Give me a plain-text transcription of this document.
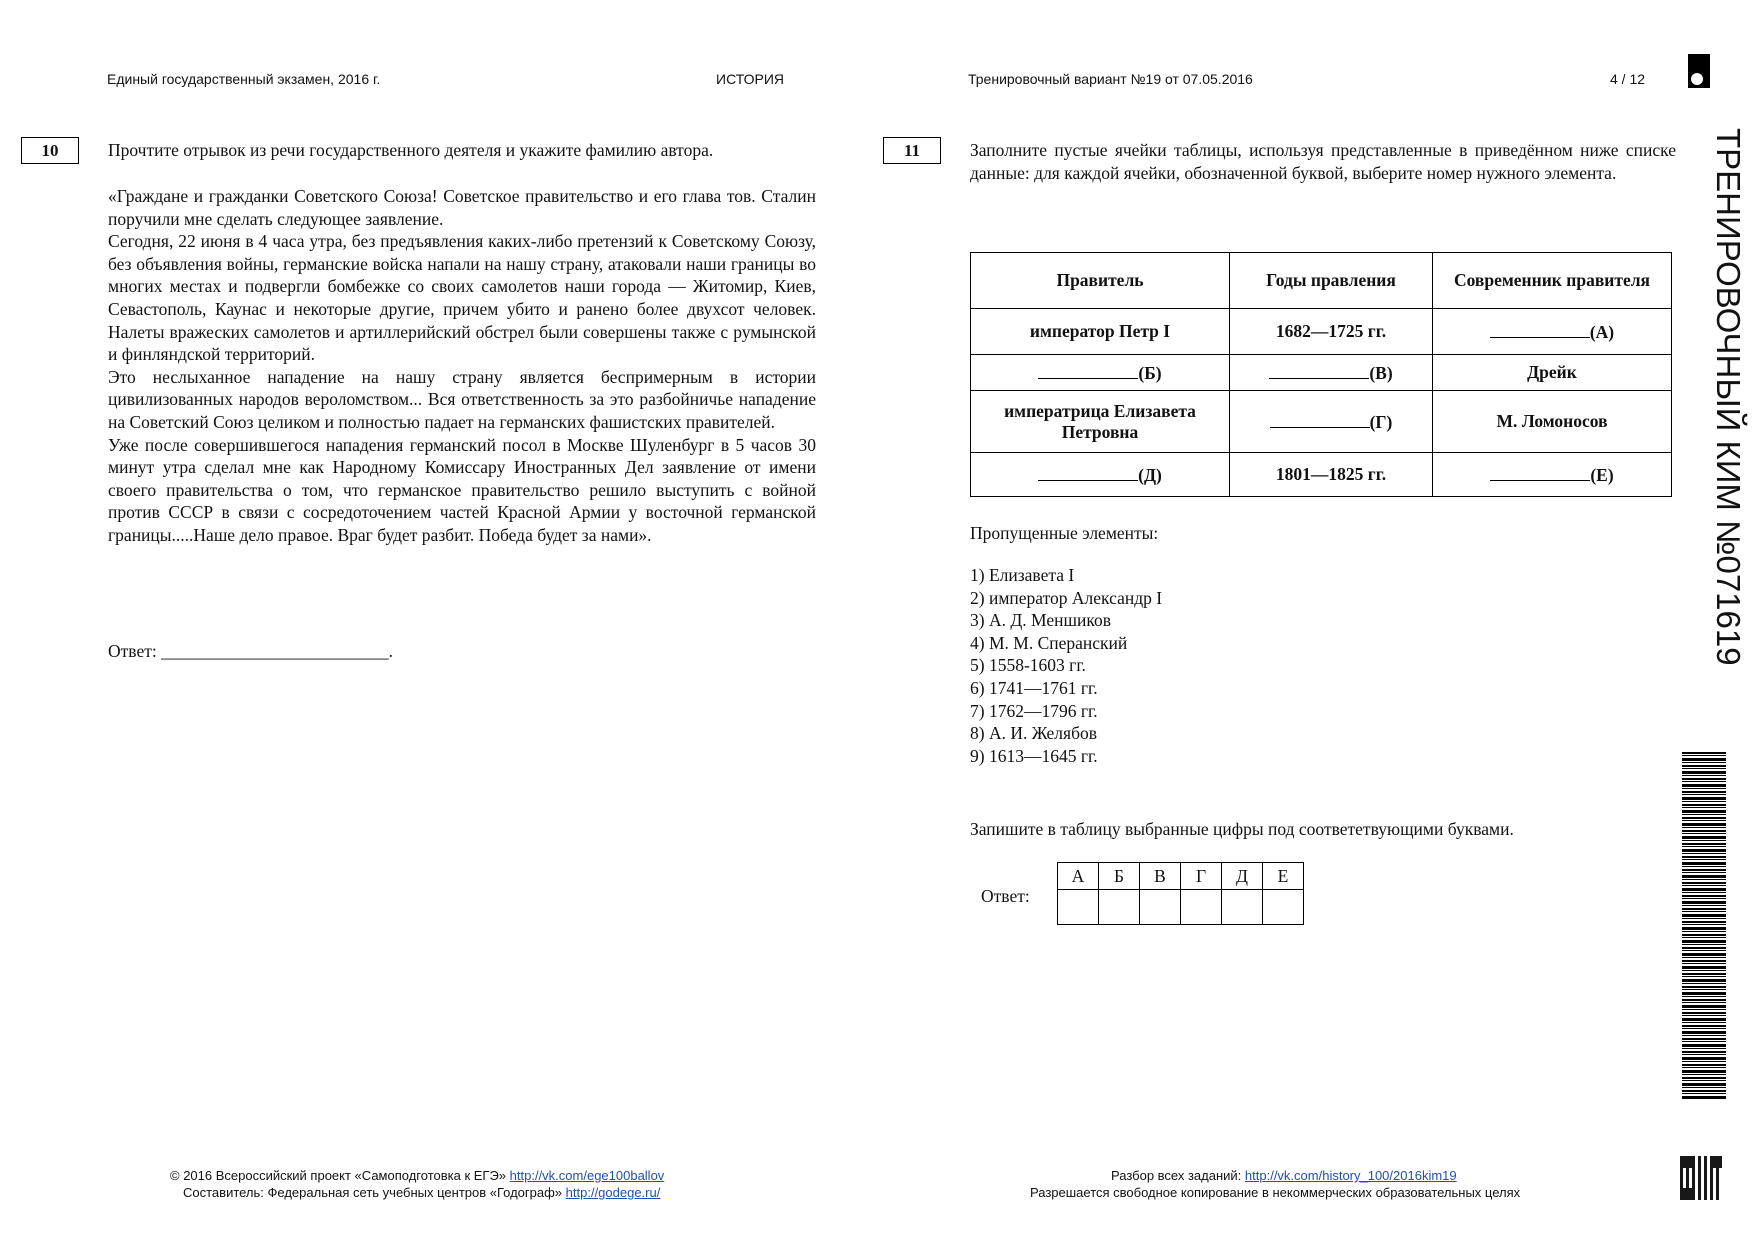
Единый государственный экзамен, 2016 г.	ИСТОРИЯ	Тренировочный вариант №19 от 07.05.2016	4 / 12
10	Прочтите отрывок из речи государственного деятеля и укажите фамилию автора.

«Граждане и гражданки Советского Союза! Советское правительство и его глава тов. Сталин поручили мне сделать следующее заявление.

Сегодня, 22 июня в 4 часа утра, без предъявления каких-либо претензий к Советскому Союзу, без объявления войны, германские войска напали на нашу страну, атаковали наши границы во многих местах и подвергли бомбежке со своих самолетов наши города — Житомир, Киев, Севастополь, Каунас и некоторые другие, причем убито и ранено более двухсот человек. Налеты вражеских самолетов и артиллерийский обстрел были совершены также с румынской и финляндской территорий.

Это неслыханное нападение на нашу страну является беспримерным в истории цивилизованных народов вероломством... Вся ответственность за это разбойничье нападение на Советский Союз целиком и полностью падает на германских фашистских правителей.

Уже после совершившегося нападения германский посол в Москве Шуленбург в 5 часов 30 минут утра сделал мне как Народному Комиссару Иностранных Дел заявление от имени своего правительства о том, что германское правительство решило выступить с войной против СССР в связи с сосредоточением частей Красной Армии у восточной германской границы.....Наше дело правое. Враг будет разбит. Победа будет за нами».

Ответ: __________________________.
11	Заполните пустые ячейки таблицы, используя представленные в приведённом ниже списке данные: для каждой ячейки, обозначенной буквой, выберите номер нужного элемента.
Правитель	Годы правления	Современник правителя
император Петр I	1682—1725 гг.	(А)
(Б)	(В)	Дрейк
императрица Елизавета Петровна	(Г)	М. Ломоносов
(Д)	1801—1825 гг.	(Е)
Пропущенные элементы:
1) Елизавета I
2) император Александр I
3) А. Д. Меншиков
4) М. М. Сперанский
5) 1558-1603 гг.
6) 1741—1761 гг.
7) 1762—1796 гг.
8) А. И. Желябов
9) 1613—1645 гг.
Запишите в таблицу выбранные цифры под соответетвующими буквами.
Ответ:
А	Б	В	Г	Д	Е

ТРЕНИРОВОЧНЫЙ КИМ №071619
© 2016 Всероссийский проект «Самоподготовка к ЕГЭ» http://vk.com/ege100ballov
Составитель: Федеральная сеть учебных центров «Годограф» http://godege.ru/
Разбор всех заданий: http://vk.com/history_100/2016kim19
Разрешается свободное копирование в некоммерческих образовательных целях
